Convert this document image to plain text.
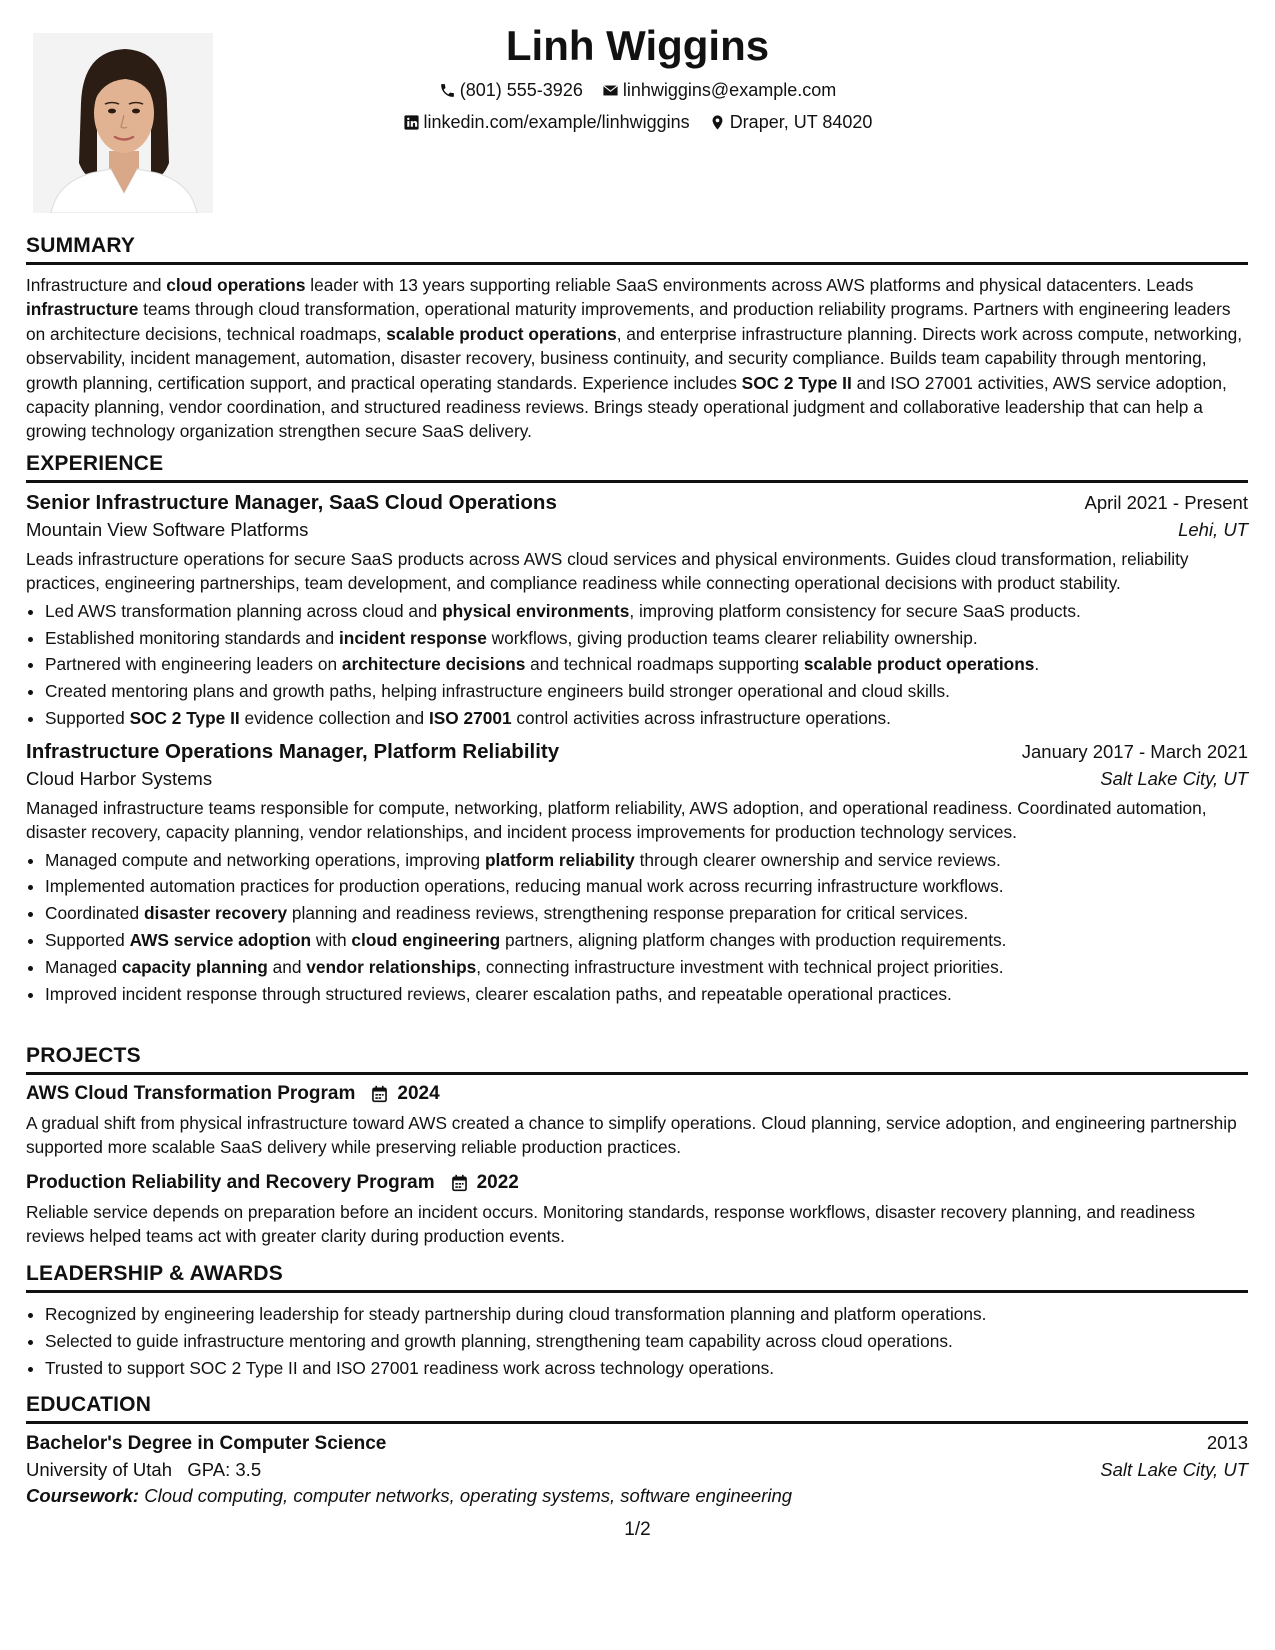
Linh Wiggins
(801) 555-3926
linhwiggins@example.com
linkedin.com/example/linhwiggins
Draper, UT 84020
SUMMARY

Infrastructure and cloud operations leader with 13 years supporting reliable SaaS environments across AWS platforms and physical datacenters. Leads infrastructure teams through cloud transformation, operational maturity improvements, and production reliability programs. Partners with engineering leaders on architecture decisions, technical roadmaps, scalable product operations, and enterprise infrastructure planning. Directs work across compute, networking, observability, incident management, automation, disaster recovery, business continuity, and security compliance. Builds team capability through mentoring, growth planning, certification support, and practical operating standards. Experience includes SOC 2 Type II and ISO 27001 activities, AWS service adoption, capacity planning, vendor coordination, and structured readiness reviews. Brings steady operational judgment and collaborative leadership that can help a growing technology organization strengthen secure SaaS delivery.

EXPERIENCE
Senior Infrastructure Manager, SaaS Cloud Operations	April 2021 - Present
Mountain View Software Platforms	Lehi, UT

Leads infrastructure operations for secure SaaS products across AWS cloud services and physical environments. Guides cloud transformation, reliability practices, engineering partnerships, team development, and compliance readiness while connecting operational decisions with product stability.

• Led AWS transformation planning across cloud and physical environments, improving platform consistency for secure SaaS products.
• Established monitoring standards and incident response workflows, giving production teams clearer reliability ownership.
• Partnered with engineering leaders on architecture decisions and technical roadmaps supporting scalable product operations.
• Created mentoring plans and growth paths, helping infrastructure engineers build stronger operational and cloud skills.
• Supported SOC 2 Type II evidence collection and ISO 27001 control activities across infrastructure operations.
Infrastructure Operations Manager, Platform Reliability	January 2017 - March 2021
Cloud Harbor Systems	Salt Lake City, UT

Managed infrastructure teams responsible for compute, networking, platform reliability, AWS adoption, and operational readiness. Coordinated automation, disaster recovery, capacity planning, vendor relationships, and incident process improvements for production technology services.

• Managed compute and networking operations, improving platform reliability through clearer ownership and service reviews.
• Implemented automation practices for production operations, reducing manual work across recurring infrastructure workflows.
• Coordinated disaster recovery planning and readiness reviews, strengthening response preparation for critical services.
• Supported AWS service adoption with cloud engineering partners, aligning platform changes with production requirements.
• Managed capacity planning and vendor relationships, connecting infrastructure investment with technical project priorities.
• Improved incident response through structured reviews, clearer escalation paths, and repeatable operational practices.
PROJECTS
AWS Cloud Transformation Program 2024

A gradual shift from physical infrastructure toward AWS created a chance to simplify operations. Cloud planning, service adoption, and engineering partnership supported more scalable SaaS delivery while preserving reliable production practices.

Production Reliability and Recovery Program 2022

Reliable service depends on preparation before an incident occurs. Monitoring standards, response workflows, disaster recovery planning, and readiness reviews helped teams act with greater clarity during production events.

LEADERSHIP & AWARDS
• Recognized by engineering leadership for steady partnership during cloud transformation planning and platform operations.
• Selected to guide infrastructure mentoring and growth planning, strengthening team capability across cloud operations.
• Trusted to support SOC 2 Type II and ISO 27001 readiness work across technology operations.
EDUCATION
Bachelor's Degree in Computer Science	2013
University of Utah GPA: 3.5	Salt Lake City, UT
Coursework: Cloud computing, computer networks, operating systems, software engineering
1/2
